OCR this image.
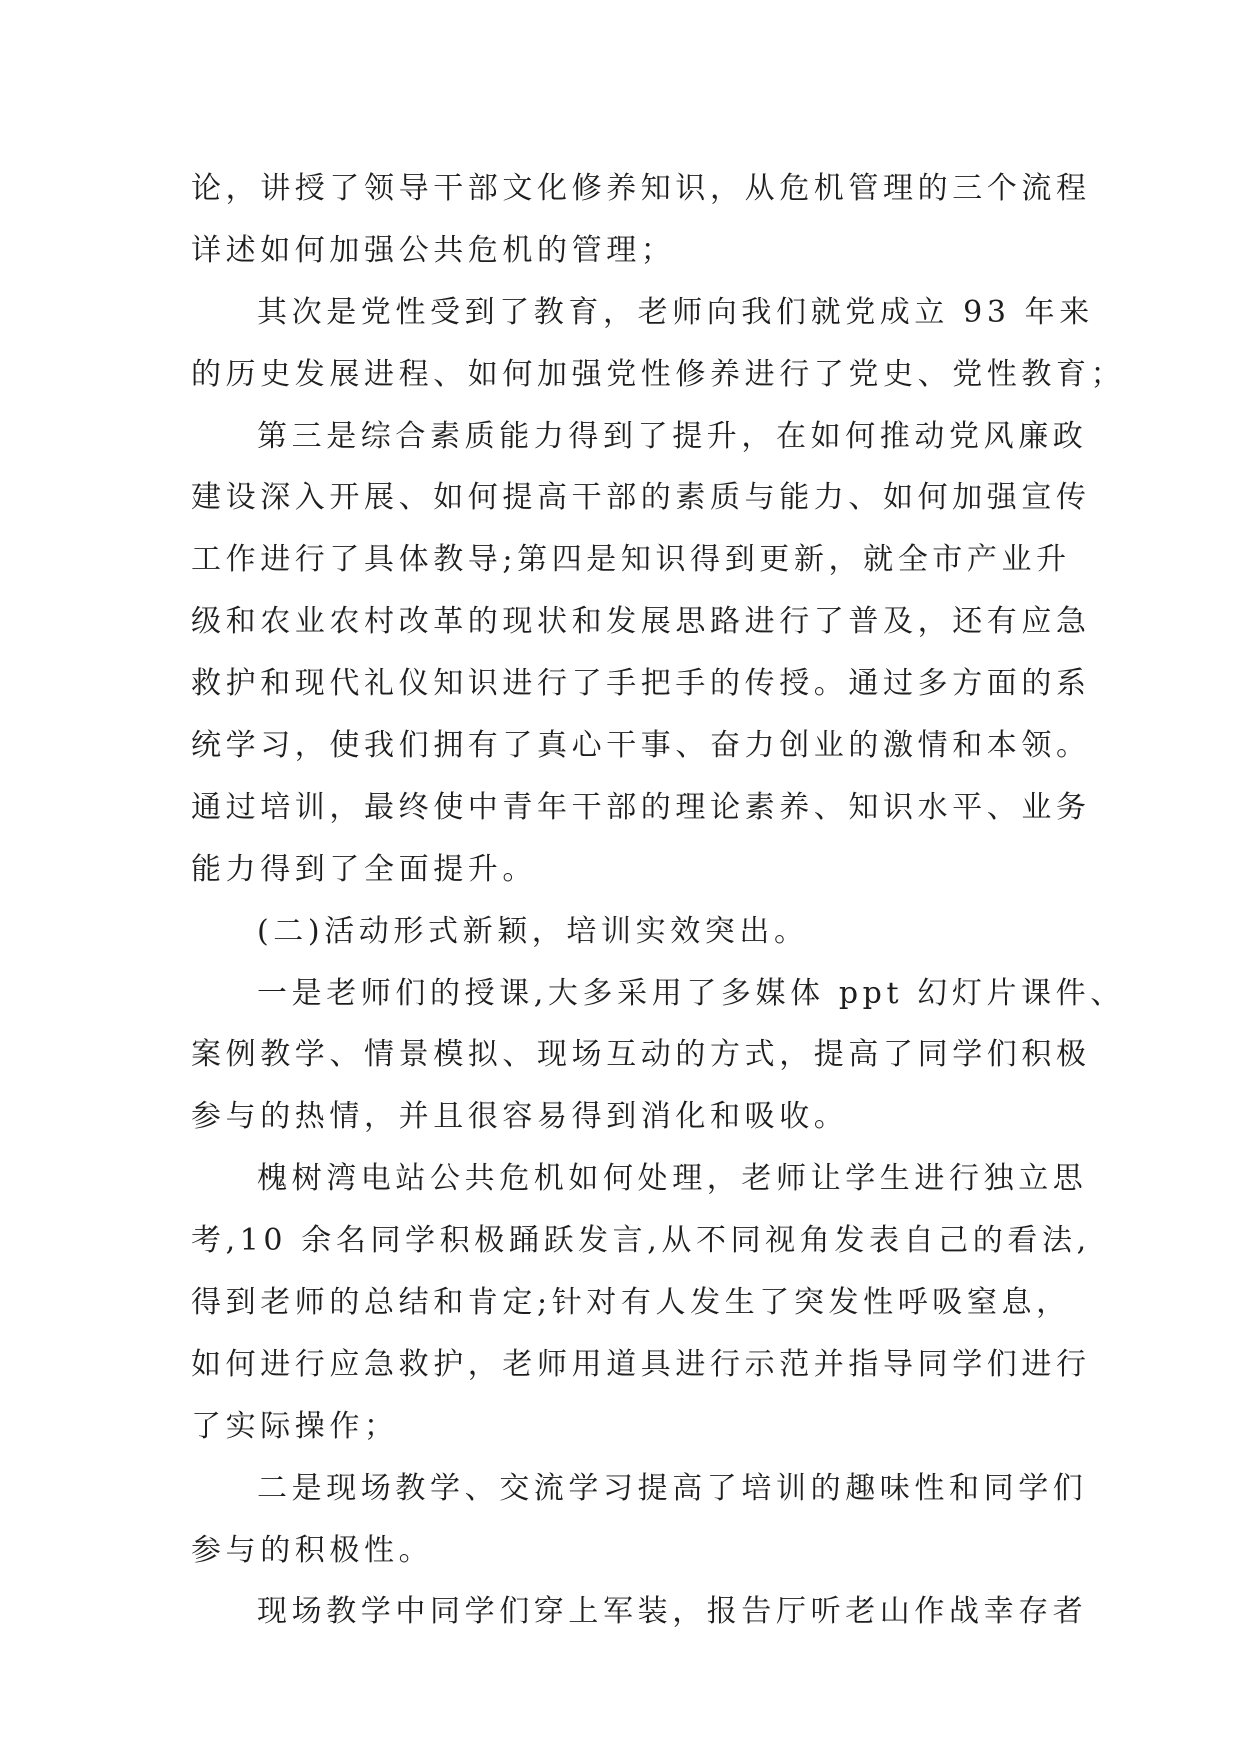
论，讲授了领导干部文化修养知识，从危机管理的三个流程
详述如何加强公共危机的管理；
其次是党性受到了教育，老师向我们就党成立 93 年来
的历史发展进程、如何加强党性修养进行了党史、党性教育；
第三是综合素质能力得到了提升，在如何推动党风廉政
建设深入开展、如何提高干部的素质与能力、如何加强宣传
工作进行了具体教导;第四是知识得到更新，就全市产业升
级和农业农村改革的现状和发展思路进行了普及，还有应急
救护和现代礼仪知识进行了手把手的传授。通过多方面的系
统学习，使我们拥有了真心干事、奋力创业的激情和本领。
通过培训，最终使中青年干部的理论素养、知识水平、业务
能力得到了全面提升。
(二)活动形式新颖，培训实效突出。
一是老师们的授课,大多采用了多媒体 ppt 幻灯片课件、
案例教学、情景模拟、现场互动的方式，提高了同学们积极
参与的热情，并且很容易得到消化和吸收。
槐树湾电站公共危机如何处理，老师让学生进行独立思
考,10 余名同学积极踊跃发言,从不同视角发表自己的看法,
得到老师的总结和肯定;针对有人发生了突发性呼吸窒息，
如何进行应急救护，老师用道具进行示范并指导同学们进行
了实际操作；
二是现场教学、交流学习提高了培训的趣味性和同学们
参与的积极性。
现场教学中同学们穿上军装，报告厅听老山作战幸存者
